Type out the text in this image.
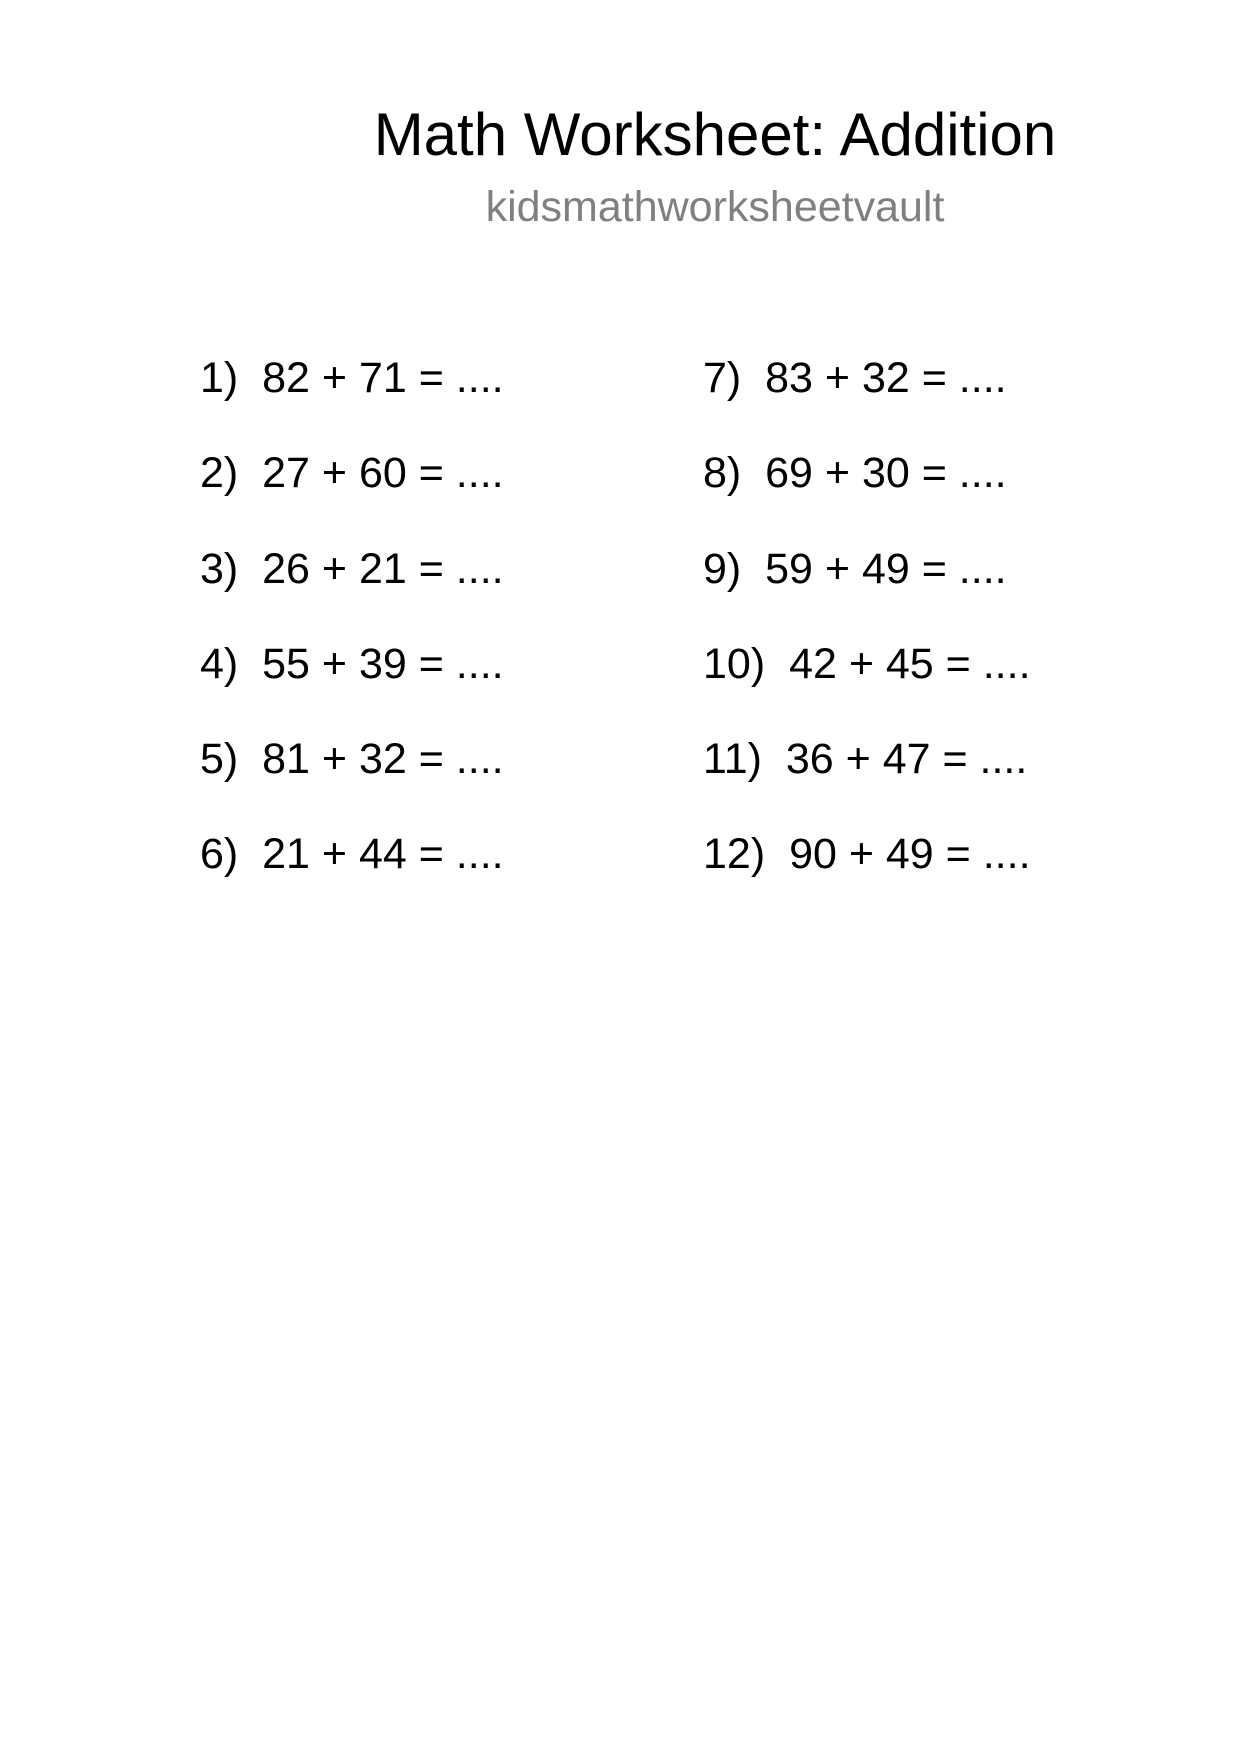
Math Worksheet: Addition
kidsmathworksheetvault
1) 82 + 71 = ....
2) 27 + 60 = ....
3) 26 + 21 = ....
4) 55 + 39 = ....
5) 81 + 32 = ....
6) 21 + 44 = ....
7) 83 + 32 = ....
8) 69 + 30 = ....
9) 59 + 49 = ....
10) 42 + 45 = ....
11) 36 + 47 = ....
12) 90 + 49 = ....
